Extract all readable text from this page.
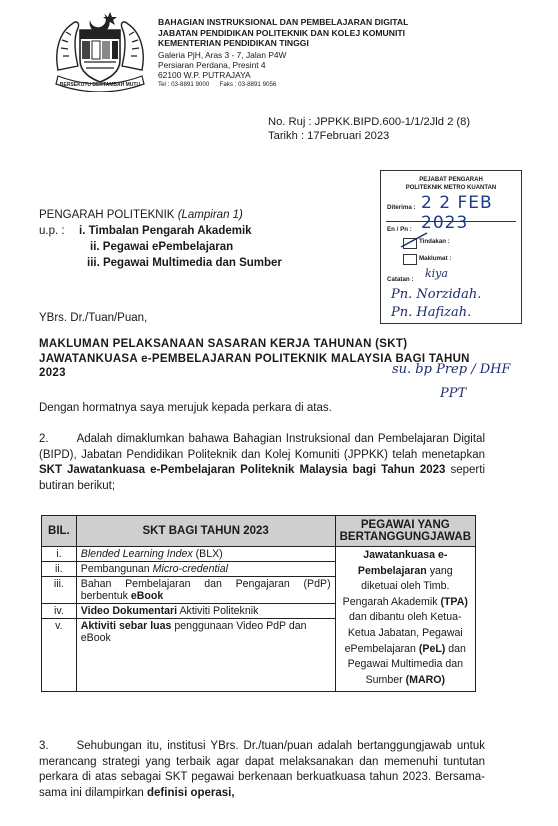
BERSEKUTU BERTAMBAH MUTU
BAHAGIAN INSTRUKSIONAL DAN PEMBELAJARAN DIGITAL
JABATAN PENDIDIKAN POLITEKNIK DAN KOLEJ KOMUNITI
KEMENTERIAN PENDIDIKAN TINGGI
Galeria PjH, Aras 3 - 7, Jalan P4W
Persiaran Perdana, Presint 4
62100 W.P. PUTRAJAYA
Tel : 03-8891 9000 Faks : 03-8891 9056
No. Ruj : JPPKK.BIPD.600-1/1/2Jld 2 (8)
Tarikh : 17Februari 2023
PEJABAT PENGARAH
POLITEKNIK METRO KUANTAN
Diterima : 2 2 FEB 2023
En / Pn :
Tindakan :
Maklumat :
Catatan : kiya
Pn. Norzidah.
Pn. Hafizah.
su. bp Prep / DHF
PPT
PENGARAH POLITEKNIK (Lampiran 1)
u.p. :	i. Timbalan Pengarah Akademik
ii. Pegawai ePembelajaran
iii. Pegawai Multimedia dan Sumber
YBrs. Dr./Tuan/Puan,
MAKLUMAN PELAKSANAAN SASARAN KERJA TAHUNAN (SKT) JAWATANKUASA e-PEMBELAJARAN POLITEKNIK MALAYSIA BAGI TAHUN 2023
Dengan hormatnya saya merujuk kepada perkara di atas.
2. Adalah dimaklumkan bahawa Bahagian Instruksional dan Pembelajaran Digital (BIPD), Jabatan Pendidikan Politeknik dan Kolej Komuniti (JPPKK) telah menetapkan SKT Jawatankuasa e-Pembelajaran Politeknik Malaysia bagi Tahun 2023 seperti butiran berikut;
BIL.	SKT BAGI TAHUN 2023	PEGAWAI YANG BERTANGGUNGJAWAB
i.	Blended Learning Index (BLX)	Jawatankuasa e-Pembelajaran yang diketuai oleh Timb. Pengarah Akademik (TPA) dan dibantu oleh Ketua-Ketua Jabatan, Pegawai ePembelajaran (PeL) dan Pegawai Multimedia dan Sumber (MARO)
ii.	Pembangunan Micro-credential	
iii.	Bahan Pembelajaran dan Pengajaran (PdP) berbentuk eBook	
iv.	Video Dokumentari Aktiviti Politeknik	
v.	Aktiviti sebar luas penggunaan Video PdP dan eBook	
3. Sehubungan itu, institusi YBrs. Dr./tuan/puan adalah bertanggungjawab untuk merancang strategi yang terbaik agar dapat melaksanakan dan memenuhi tuntutan perkara di atas sebagai SKT pegawai berkenaan berkuatkuasa tahun 2023. Bersama-sama ini dilampirkan definisi operasi,
